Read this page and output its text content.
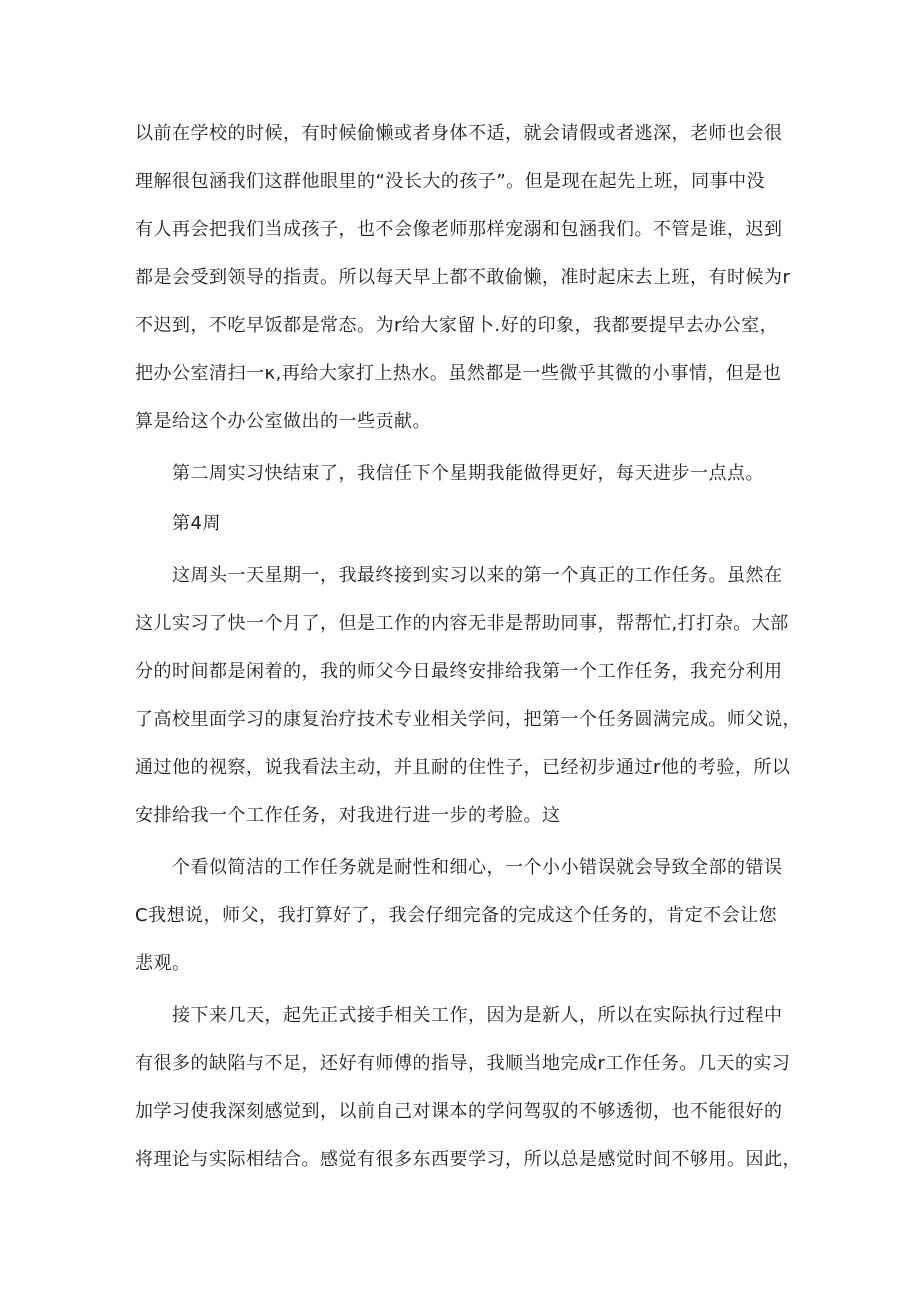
以前在学校的时候，有时候偷懒或者身体不适，就会请假或者逃深，老师也会很

理解很包涵我们这群他眼里的“没长大的孩子”。但是现在起先上班，同事中没

有人再会把我们当成孩子，也不会像老师那样宠溺和包涵我们。不管是谁，迟到

都是会受到领导的指责。所以每天早上都不敢偷懒，准时起床去上班，有时候为r

不迟到，不吃早饭都是常态。为r给大家留卜.好的印象，我都要提早去办公室，

把办公室清扫一κ,再给大家打上热水。虽然都是一些微乎其微的小事情，但是也

算是给这个办公室做出的一些贡献。

第二周实习快结束了，我信任下个星期我能做得更好，每天进步一点点。

第4周

这周头一天星期一，我最终接到实习以来的第一个真正的工作任务。虽然在

这儿实习了快一个月了，但是工作的内容无非是帮助同事，帮帮忙,打打杂。大部

分的时间都是闲着的，我的师父今日最终安排给我第一个工作任务，我充分利用

了高校里面学习的康复治疗技术专业相关学问，把第一个任务圆满完成。师父说，

通过他的视察，说我看法主动，并且耐的住性子，已经初步通过r他的考验，所以

安排给我一个工作任务，对我进行进一步的考脸。这

个看似简洁的工作任务就是耐性和细心，一个小小错误就会导致全部的错误

C我想说，师父，我打算好了，我会仔细完备的完成这个任务的，肯定不会让您

悲观。

接下来几天，起先正式接手相关工作，因为是新人，所以在实际执行过程中

有很多的缺陷与不足，还好有师傅的指导，我顺当地完成r工作任务。几天的实习

加学习使我深刻感觉到，以前自己对课本的学问驾驭的不够透彻，也不能很好的

将理论与实际相结合。感觉有很多东西要学习，所以总是感觉时间不够用。因此，
